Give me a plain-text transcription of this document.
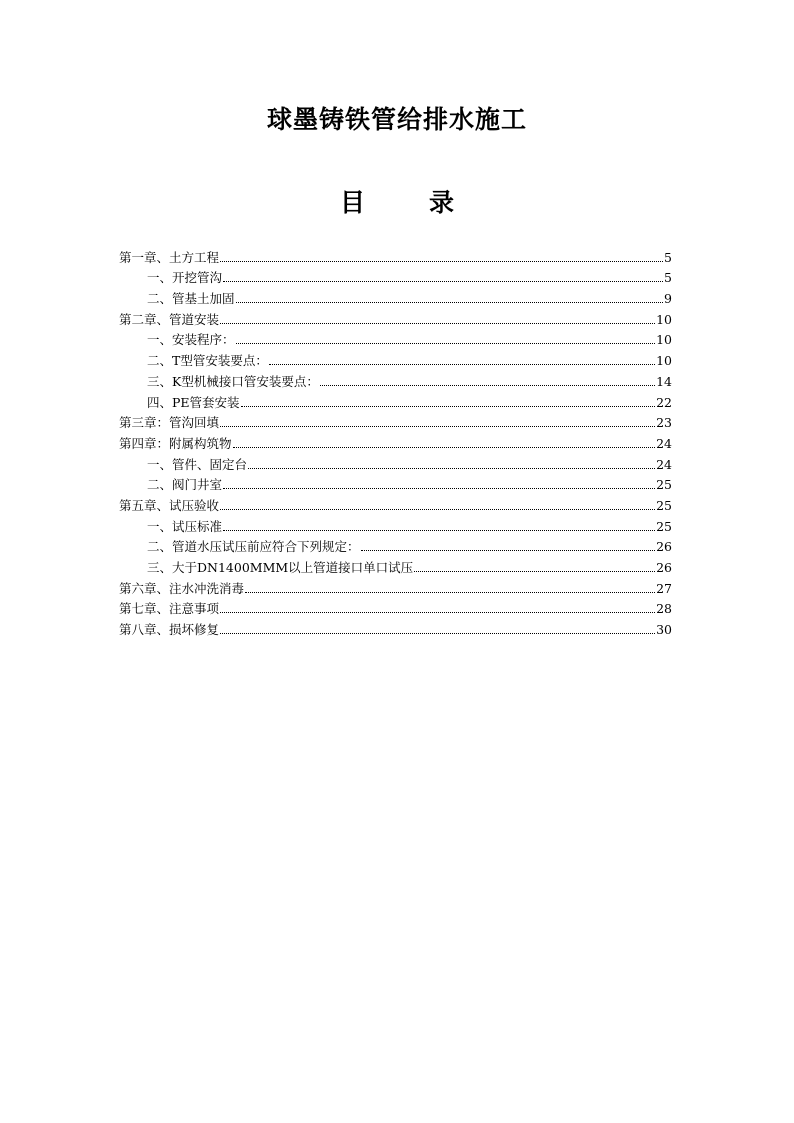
球墨铸铁管给排水施工
目	录
第一章、土方工程	5
一、开挖管沟	5
二、管基土加固	9
第二章、管道安装	10
一、安装程序：	10
二、T型管安装要点：	10
三、K型机械接口管安装要点：	14
四、PE管套安装	22
第三章：管沟回填	23
第四章：附属构筑物	24
一、管件、固定台	24
二、阀门井室	25
第五章、试压验收	25
一、试压标准	25
二、管道水压试压前应符合下列规定：	26
三、大于DN1400MMM以上管道接口单口试压	26
第六章、注水冲洗消毒	27
第七章、注意事项	28
第八章、损坏修复	30
